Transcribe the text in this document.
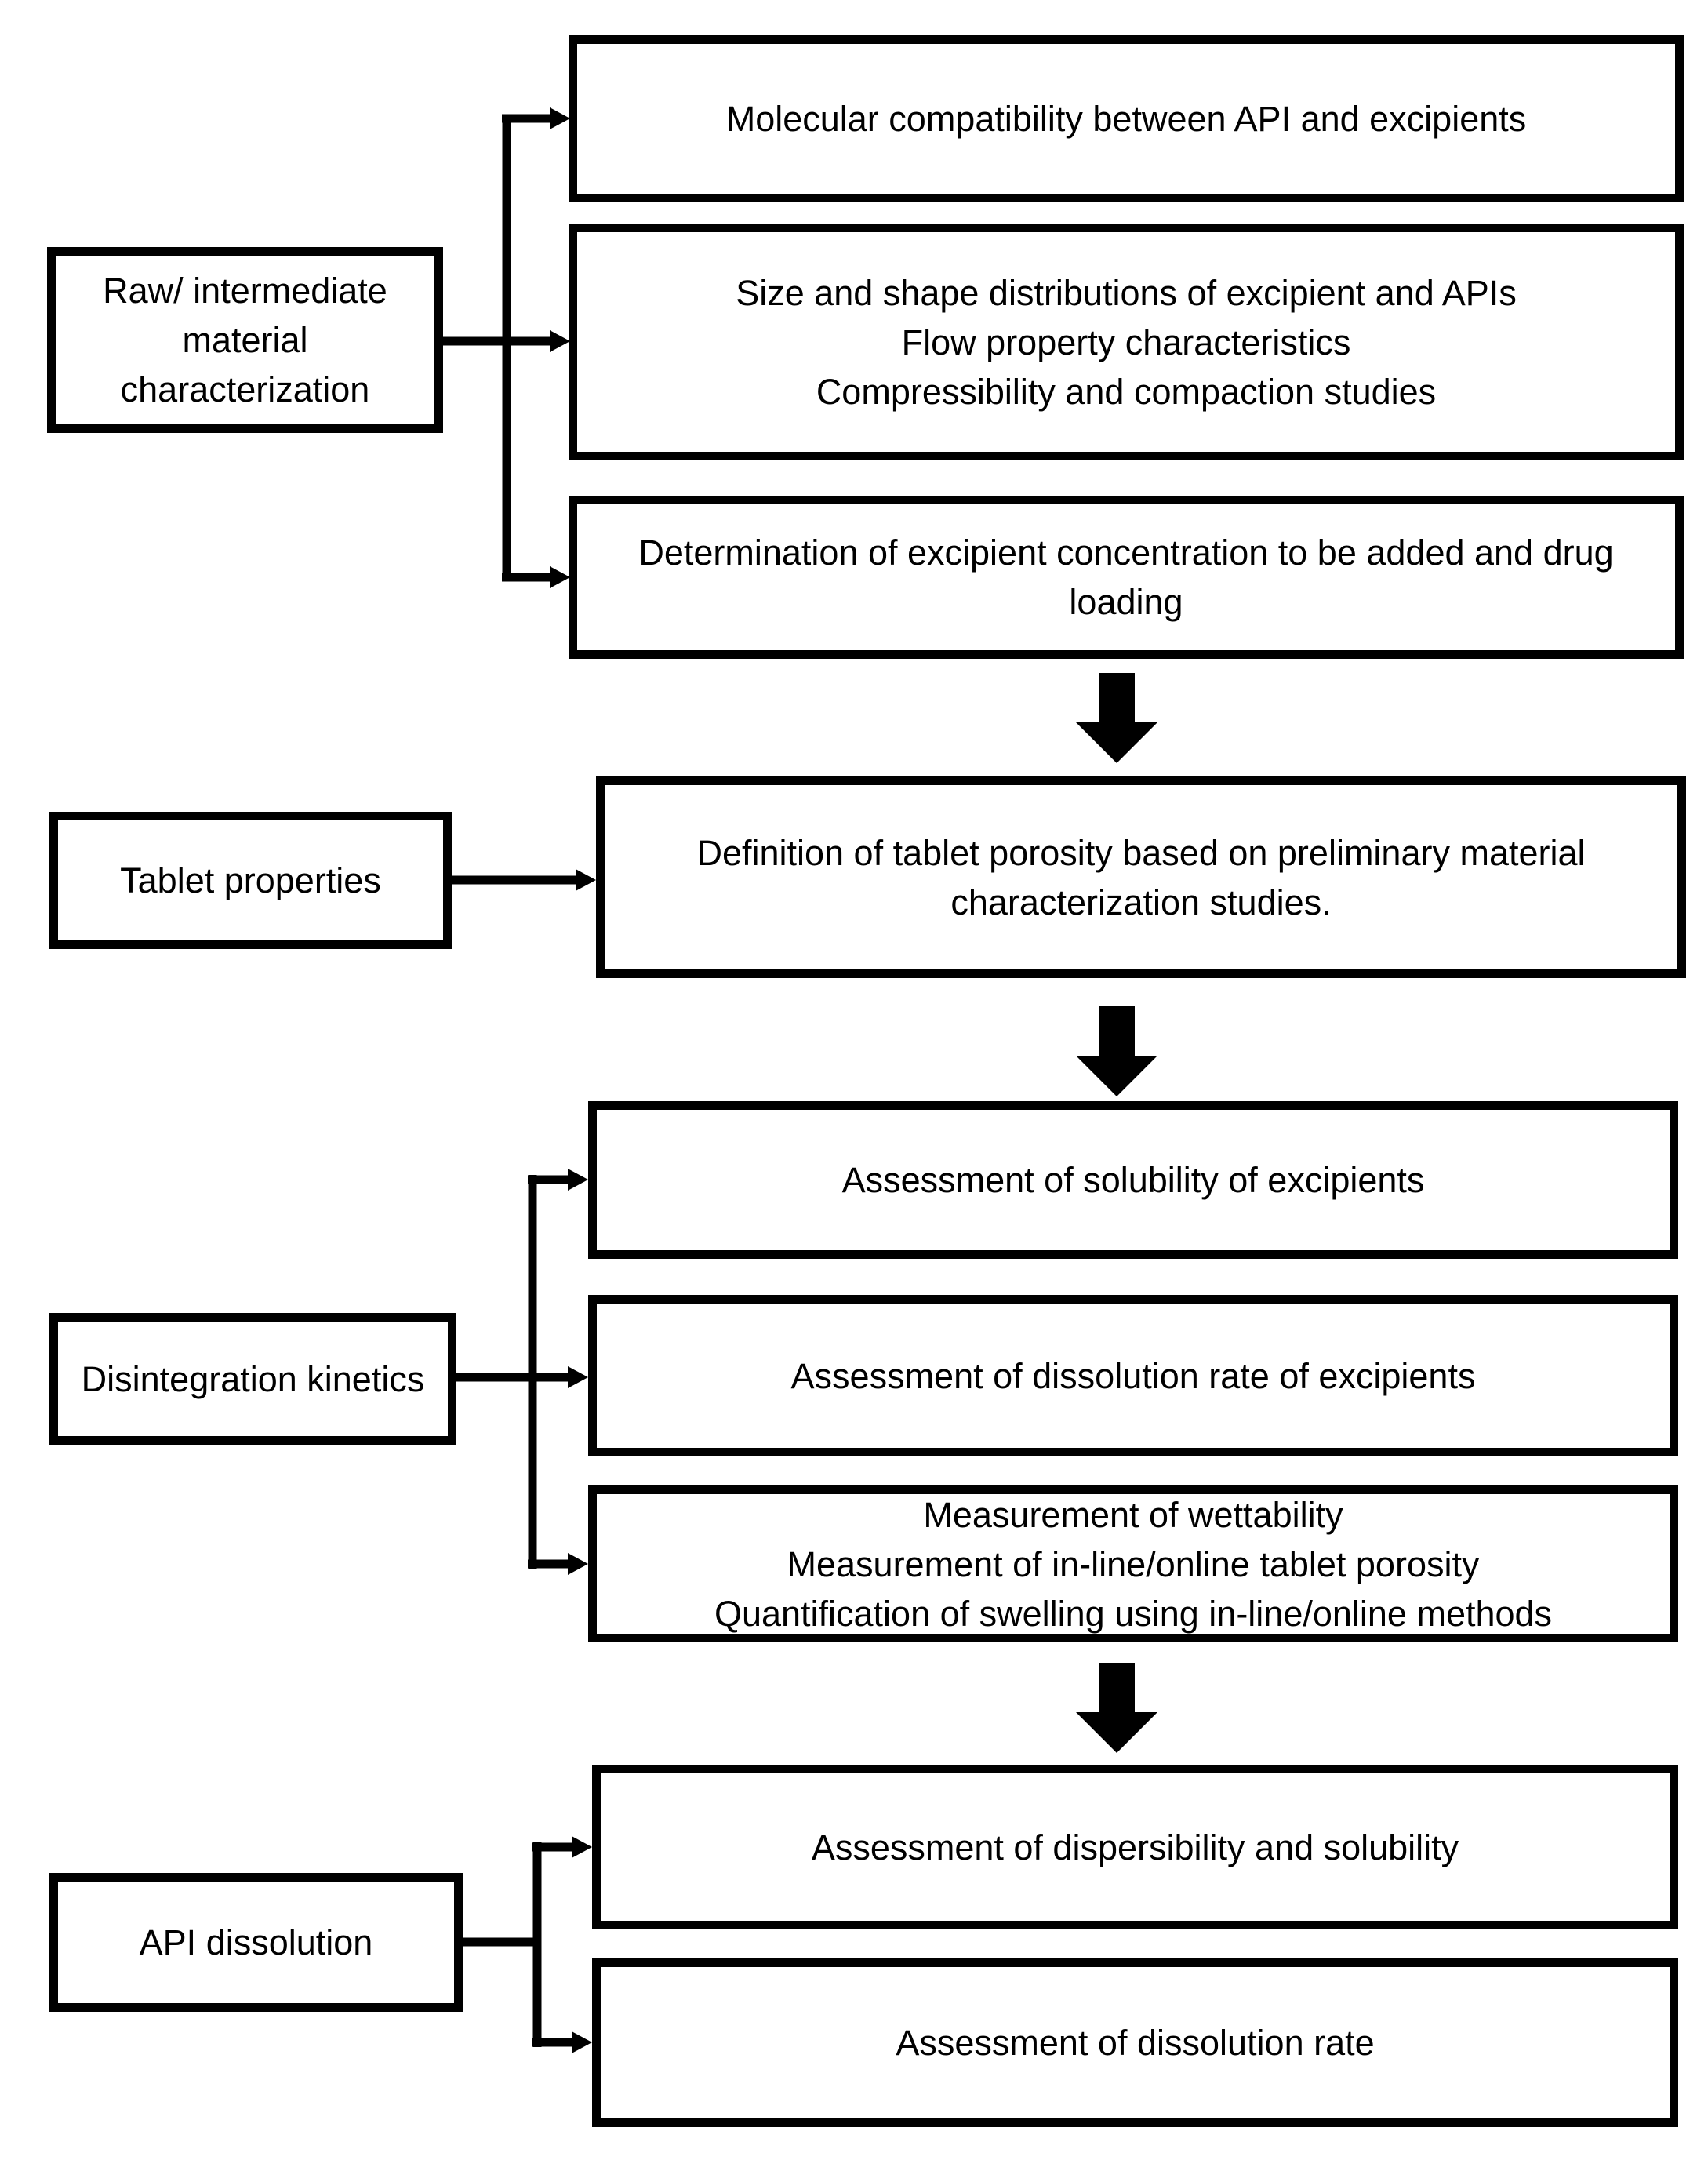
Raw/ intermediate
material
characterization
Molecular compatibility between API and excipients
Size and shape distributions of excipient and APIs
Flow property characteristics
Compressibility and compaction studies
Determination of excipient concentration to be added and drug
loading
Tablet properties
Definition of tablet porosity based on preliminary material
characterization studies.
Disintegration kinetics
Assessment of solubility of excipients
Assessment of dissolution rate of excipients
Measurement of wettability
Measurement of in-line/online tablet porosity
Quantification of swelling using in-line/online methods
API dissolution
Assessment of dispersibility and solubility
Assessment of dissolution rate
